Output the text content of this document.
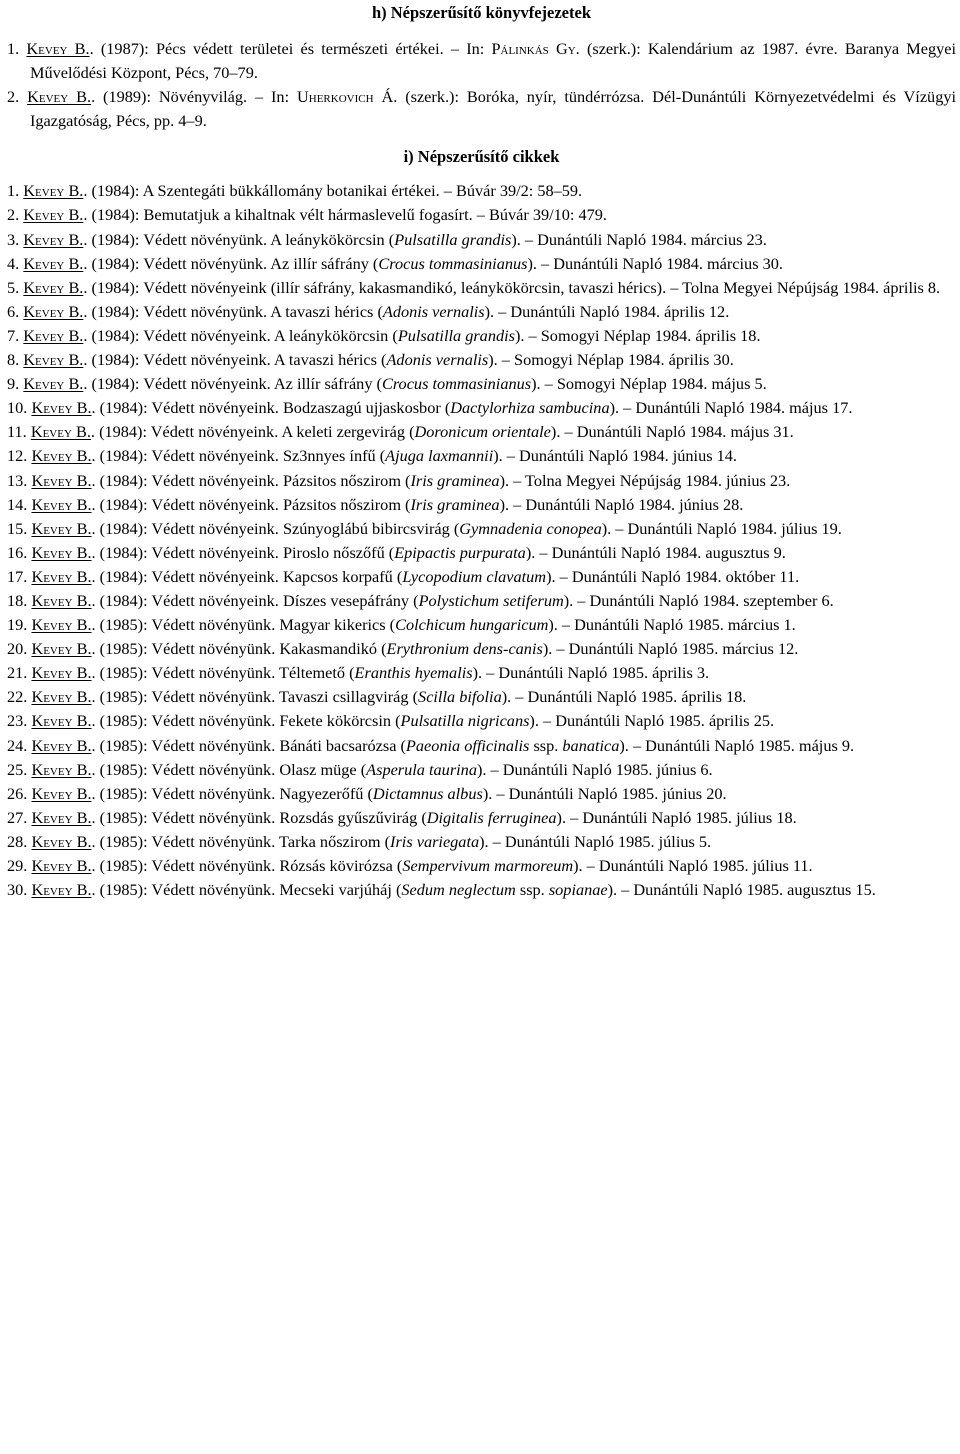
h) Népszerűsítő könyvfejezetek
1. Kevey B.. (1987): Pécs védett területei és természeti értékei. – In: Pálinkás Gy. (szerk.): Kalendárium az 1987. évre. Baranya Megyei Művelődési Központ, Pécs, 70–79.
2. Kevey B.. (1989): Növényvilág. – In: Uherkovich Á. (szerk.): Boróka, nyír, tündérrózsa. Dél-Dunántúli Környezetvédelmi és Vízügyi Igazgatóság, Pécs, pp. 4–9.
i) Népszerűsítő cikkek
1. Kevey B.. (1984): A Szentegáti bükkállomány botanikai értékei. – Búvár 39/2: 58–59.
2. Kevey B.. (1984): Bemutatjuk a kihaltnak vélt hármaslevelű fogasírt. – Búvár 39/10: 479.
3. Kevey B.. (1984): Védett növényünk. A leánykökörcsin (Pulsatilla grandis). – Dunántúli Napló 1984. március 23.
4. Kevey B.. (1984): Védett növényünk. Az illír sáfrány (Crocus tommasinianus). – Dunántúli Napló 1984. március 30.
5. Kevey B.. (1984): Védett növényeink (illír sáfrány, kakasmandikó, leánykökörcsin, tavaszi hérics). – Tolna Megyei Népújság 1984. április 8.
6. Kevey B.. (1984): Védett növényünk. A tavaszi hérics (Adonis vernalis). – Dunántúli Napló 1984. április 12.
7. Kevey B.. (1984): Védett növényeink. A leánykökörcsin (Pulsatilla grandis). – Somogyi Néplap 1984. április 18.
8. Kevey B.. (1984): Védett növényeink. A tavaszi hérics (Adonis vernalis). – Somogyi Néplap 1984. április 30.
9. Kevey B.. (1984): Védett növényeink. Az illír sáfrány (Crocus tommasinianus). – Somogyi Néplap 1984. május 5.
10. Kevey B.. (1984): Védett növényeink. Bodzaszagú ujjaskosbor (Dactylorhiza sambucina). – Dunántúli Napló 1984. május 17.
11. Kevey B.. (1984): Védett növényeink. A keleti zergevirág (Doronicum orientale). – Dunántúli Napló 1984. május 31.
12. Kevey B.. (1984): Védett növényeink. Sz3nnyes ínfű (Ajuga laxmannii). – Dunántúli Napló 1984. június 14.
13. Kevey B.. (1984): Védett növényeink. Pázsitos nőszirom (Iris graminea). – Tolna Megyei Népújság 1984. június 23.
14. Kevey B.. (1984): Védett növényeink. Pázsitos nőszirom (Iris graminea). – Dunántúli Napló 1984. június 28.
15. Kevey B.. (1984): Védett növényeink. Szúnyoglábú bibircsvirág (Gymnadenia conopea). – Dunántúli Napló 1984. július 19.
16. Kevey B.. (1984): Védett növényeink. Piroslo nőszőfű (Epipactis purpurata). – Dunántúli Napló 1984. augusztus 9.
17. Kevey B.. (1984): Védett növényeink. Kapcsos korpafű (Lycopodium clavatum). – Dunántúli Napló 1984. október 11.
18. Kevey B.. (1984): Védett növényeink. Díszes vesepáfrány (Polystichum setiferum). – Dunántúli Napló 1984. szeptember 6.
19. Kevey B.. (1985): Védett növényünk. Magyar kikerics (Colchicum hungaricum). – Dunántúli Napló 1985. március 1.
20. Kevey B.. (1985): Védett növényünk. Kakasmandikó (Erythronium dens-canis). – Dunántúli Napló 1985. március 12.
21. Kevey B.. (1985): Védett növényünk. Téltemető (Eranthis hyemalis). – Dunántúli Napló 1985. április 3.
22. Kevey B.. (1985): Védett növényünk. Tavaszi csillagvirág (Scilla bifolia). – Dunántúli Napló 1985. április 18.
23. Kevey B.. (1985): Védett növényünk. Fekete kökörcsin (Pulsatilla nigricans). – Dunántúli Napló 1985. április 25.
24. Kevey B.. (1985): Védett növényünk. Bánáti bacsarózsa (Paeonia officinalis ssp. banatica). – Dunántúli Napló 1985. május 9.
25. Kevey B.. (1985): Védett növényünk. Olasz müge (Asperula taurina). – Dunántúli Napló 1985. június 6.
26. Kevey B.. (1985): Védett növényünk. Nagyezerőfű (Dictamnus albus). – Dunántúli Napló 1985. június 20.
27. Kevey B.. (1985): Védett növényünk. Rozsdás gyűszűvirág (Digitalis ferruginea). – Dunántúli Napló 1985. július 18.
28. Kevey B.. (1985): Védett növényünk. Tarka nőszirom (Iris variegata). – Dunántúli Napló 1985. július 5.
29. Kevey B.. (1985): Védett növényünk. Rózsás kövirózsa (Sempervivum marmoreum). – Dunántúli Napló 1985. július 11.
30. Kevey B.. (1985): Védett növényünk. Mecseki varjúháj (Sedum neglectum ssp. sopianae). – Dunántúli Napló 1985. augusztus 15.
